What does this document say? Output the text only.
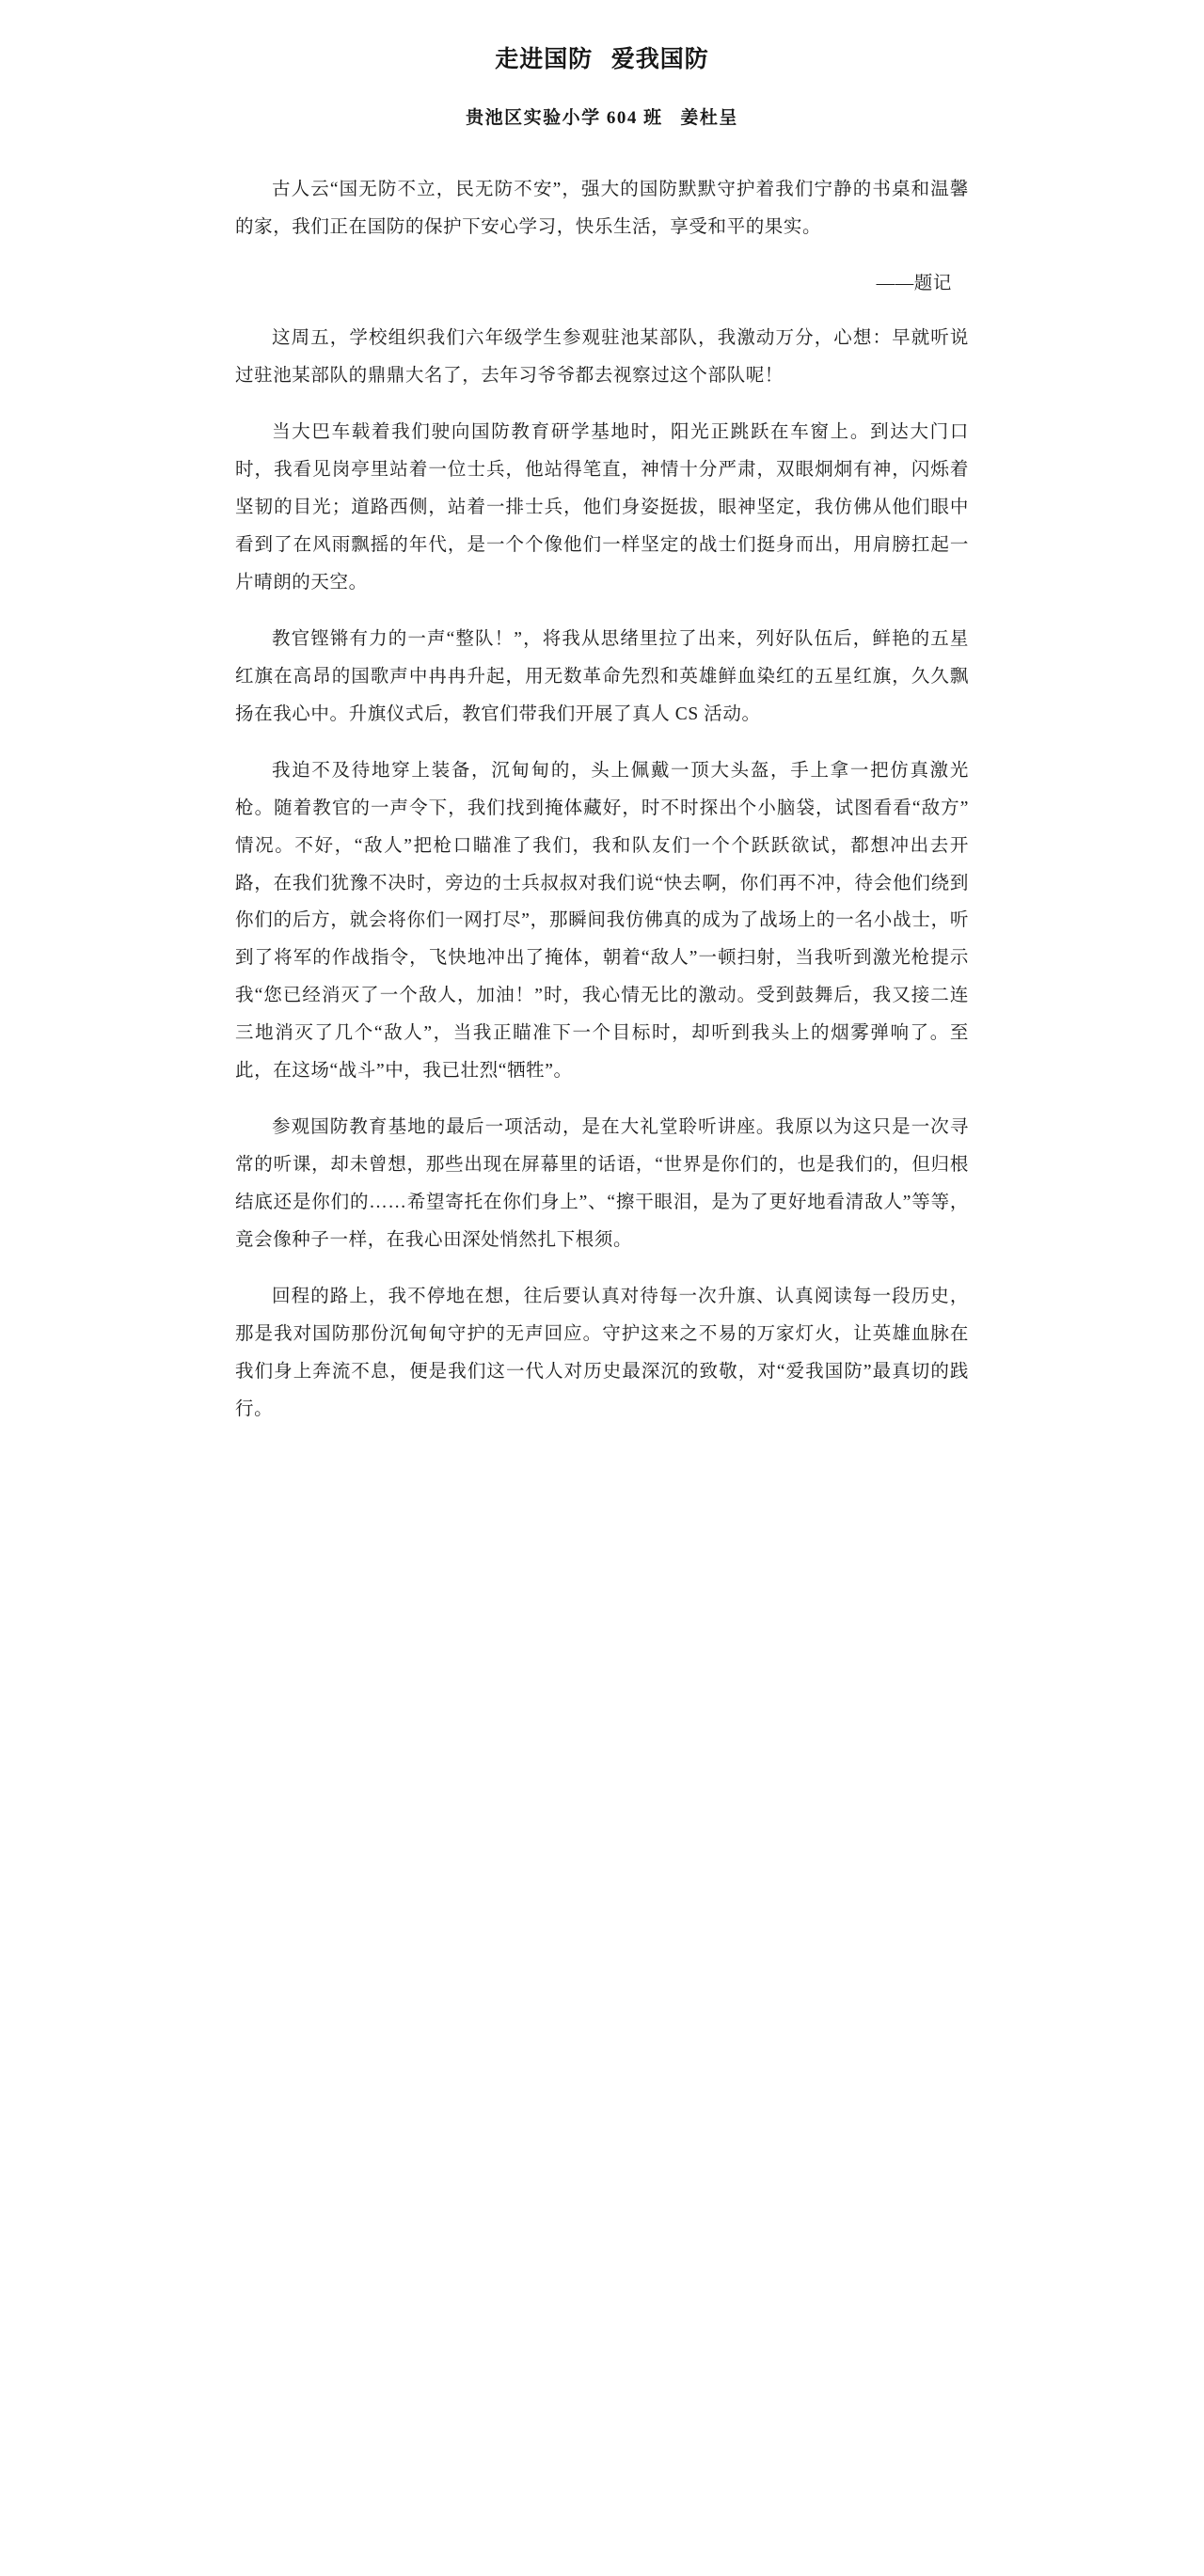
走进国防  爱我国防
贵池区实验小学 604 班   姜杜呈

古人云“国无防不立，民无防不安”，强大的国防默默守护着我们宁静的书桌和温馨的家，我们正在国防的保护下安心学习，快乐生活，享受和平的果实。

——题记

这周五，学校组织我们六年级学生参观驻池某部队，我激动万分，心想：早就听说过驻池某部队的鼎鼎大名了，去年习爷爷都去视察过这个部队呢！

当大巴车载着我们驶向国防教育研学基地时，阳光正跳跃在车窗上。到达大门口时，我看见岗亭里站着一位士兵，他站得笔直，神情十分严肃，双眼炯炯有神，闪烁着坚韧的目光；道路西侧，站着一排士兵，他们身姿挺拔，眼神坚定，我仿佛从他们眼中看到了在风雨飘摇的年代，是一个个像他们一样坚定的战士们挺身而出，用肩膀扛起一片晴朗的天空。

教官铿锵有力的一声“整队！”，将我从思绪里拉了出来，列好队伍后，鲜艳的五星红旗在高昂的国歌声中冉冉升起，用无数革命先烈和英雄鲜血染红的五星红旗，久久飘扬在我心中。升旗仪式后，教官们带我们开展了真人 CS 活动。

我迫不及待地穿上装备，沉甸甸的，头上佩戴一顶大头盔，手上拿一把仿真激光枪。随着教官的一声令下，我们找到掩体藏好，时不时探出个小脑袋，试图看看“敌方”情况。不好，“敌人”把枪口瞄准了我们，我和队友们一个个跃跃欲试，都想冲出去开路，在我们犹豫不决时，旁边的士兵叔叔对我们说“快去啊，你们再不冲，待会他们绕到你们的后方，就会将你们一网打尽”，那瞬间我仿佛真的成为了战场上的一名小战士，听到了将军的作战指令，飞快地冲出了掩体，朝着“敌人”一顿扫射，当我听到激光枪提示我“您已经消灭了一个敌人，加油！”时，我心情无比的激动。受到鼓舞后，我又接二连三地消灭了几个“敌人”，当我正瞄准下一个目标时，却听到我头上的烟雾弹响了。至此，在这场“战斗”中，我已壮烈“牺牲”。

参观国防教育基地的最后一项活动，是在大礼堂聆听讲座。我原以为这只是一次寻常的听课，却未曾想，那些出现在屏幕里的话语，“世界是你们的，也是我们的，但归根结底还是你们的……希望寄托在你们身上”、“擦干眼泪，是为了更好地看清敌人”等等，竟会像种子一样，在我心田深处悄然扎下根须。

回程的路上，我不停地在想，往后要认真对待每一次升旗、认真阅读每一段历史，那是我对国防那份沉甸甸守护的无声回应。守护这来之不易的万家灯火，让英雄血脉在我们身上奔流不息，便是我们这一代人对历史最深沉的致敬，对“爱我国防”最真切的践行。
